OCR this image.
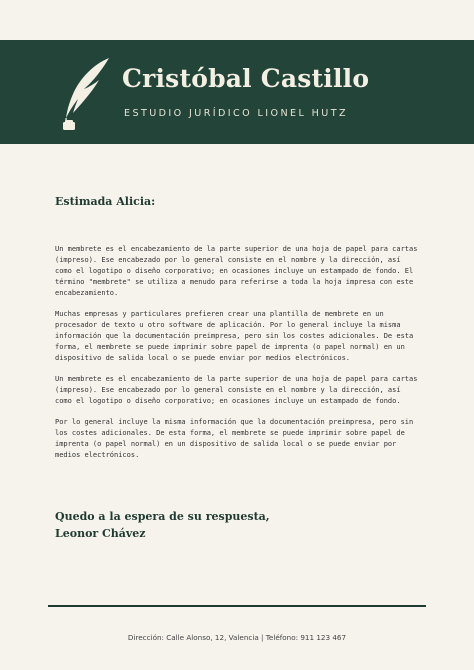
Cristóbal Castillo
ESTUDIO JURÍDICO LIONEL HUTZ
Estimada Alicia:

Un membrete es el encabezamiento de la parte superior de una hoja de papel para cartas (impreso). Ese encabezado por lo general consiste en el nombre y la dirección, así como el logotipo o diseño corporativo; en ocasiones incluye un estampado de fondo. El término "membrete" se utiliza a menudo para referirse a toda la hoja impresa con este encabezamiento.

Muchas empresas y particulares prefieren crear una plantilla de membrete en un procesador de texto u otro software de aplicación. Por lo general incluye la misma información que la documentación preimpresa, pero sin los costes adicionales. De esta forma, el membrete se puede imprimir sobre papel de imprenta (o papel normal) en un dispositivo de salida local o se puede enviar por medios electrónicos.

Un membrete es el encabezamiento de la parte superior de una hoja de papel para cartas (impreso). Ese encabezado por lo general consiste en el nombre y la dirección, así como el logotipo o diseño corporativo; en ocasiones incluye un estampado de fondo.

Por lo general incluye la misma información que la documentación preimpresa, pero sin los costes adicionales. De esta forma, el membrete se puede imprimir sobre papel de imprenta (o papel normal) en un dispositivo de salida local o se puede enviar por medios electrónicos.

Quedo a la espera de su respuesta,
Leonor Chávez
Dirección: Calle Alonso, 12, Valencia | Teléfono: 911 123 467
